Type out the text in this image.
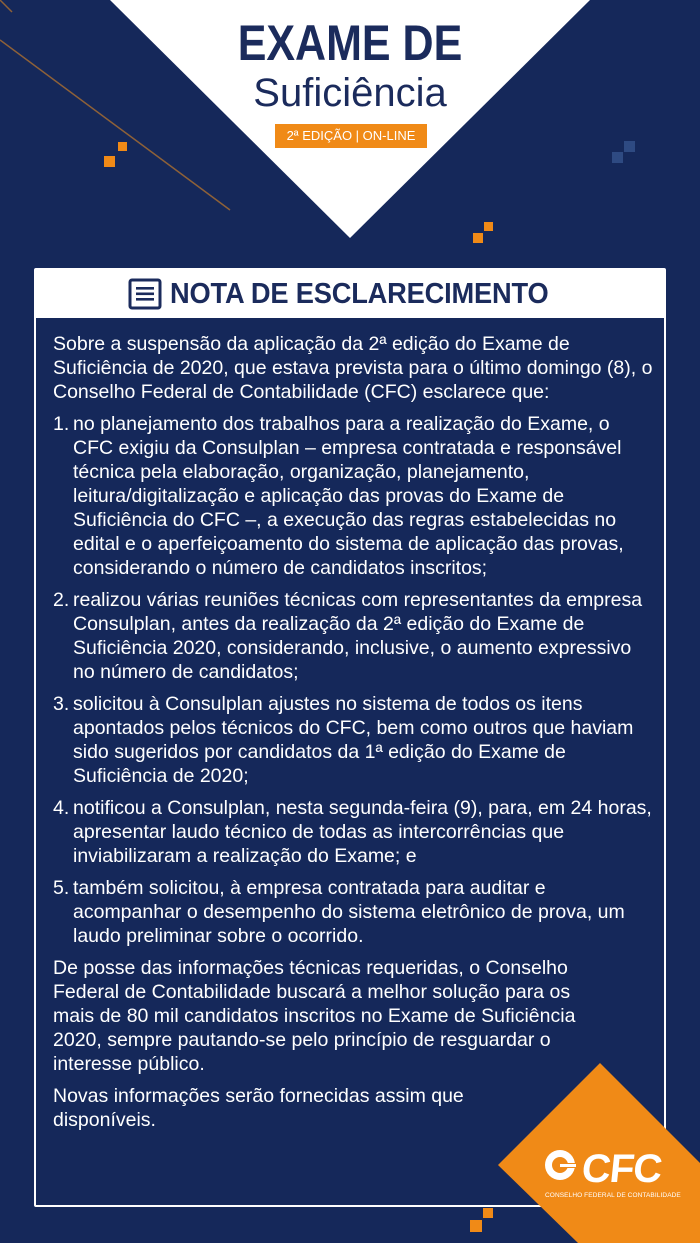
EXAME DE
Suficiência
2ª EDIÇÃO | ON-LINE
NOTA DE ESCLARECIMENTO

Sobre a suspensão da aplicação da 2ª edição do Exame de Suficiência de 2020, que estava prevista para o último domingo (8), o Conselho Federal de Contabilidade (CFC) esclarece que:

1. no planejamento dos trabalhos para a realização do Exame, o CFC exigiu da Consulplan – empresa contratada e responsável técnica pela elaboração, organização, planejamento, leitura/digitalização e aplicação das provas do Exame de Suficiência do CFC –, a execução das regras estabelecidas no edital e o aperfeiçoamento do sistema de aplicação das provas, considerando o número de candidatos inscritos;
2. realizou várias reuniões técnicas com representantes da empresa Consulplan, antes da realização da 2ª edição do Exame de Suficiência 2020, considerando, inclusive, o aumento expressivo no número de candidatos;
3. solicitou à Consulplan ajustes no sistema de todos os itens apontados pelos técnicos do CFC, bem como outros que haviam sido sugeridos por candidatos da 1ª edição do Exame de Suficiência de 2020;
4. notificou a Consulplan, nesta segunda-feira (9), para, em 24 horas, apresentar laudo técnico de todas as intercorrências que inviabilizaram a realização do Exame; e
5. também solicitou, à empresa contratada para auditar e acompanhar o desempenho do sistema eletrônico de prova, um laudo preliminar sobre o ocorrido.

De posse das informações técnicas requeridas, o Conselho Federal de Contabilidade buscará a melhor solução para os mais de 80 mil candidatos inscritos no Exame de Suficiência 2020, sempre pautando-se pelo princípio de resguardar o interesse público.

Novas informações serão fornecidas assim que disponíveis.

CFC
CONSELHO FEDERAL DE CONTABILIDADE
